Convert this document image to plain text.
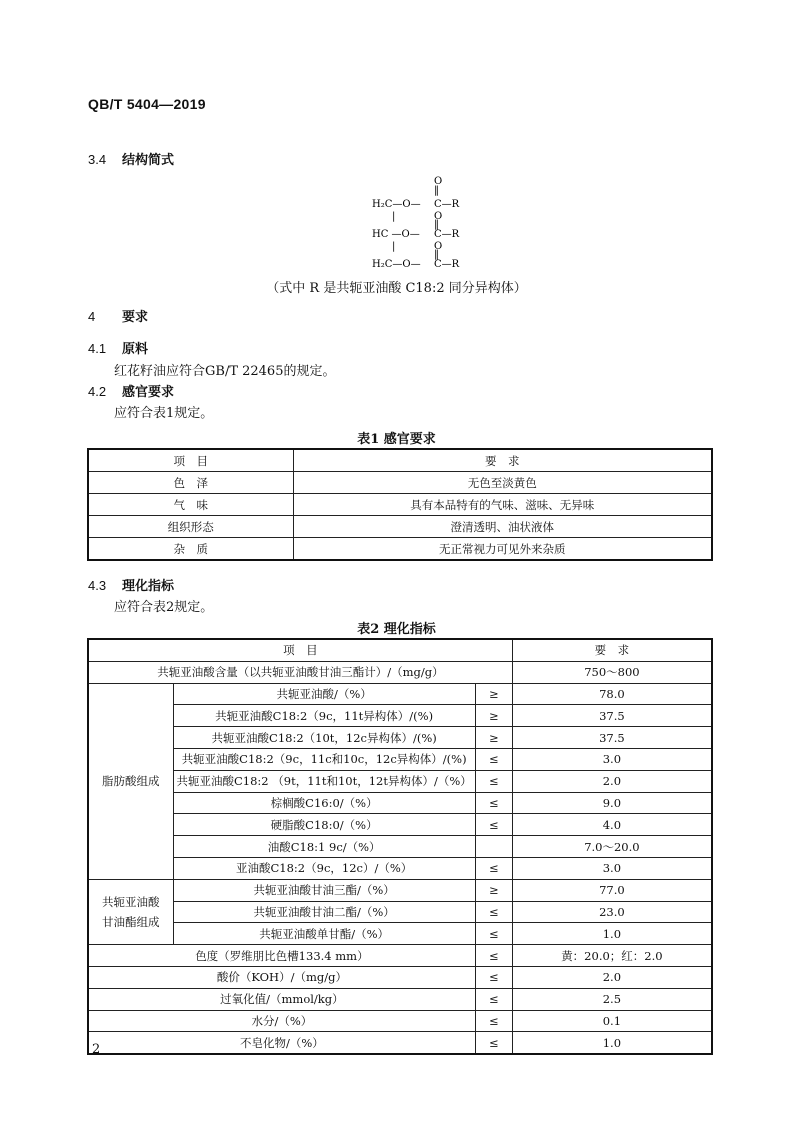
QB/T 5404—2019
3.4 结构简式
O
‖
H₂C—O— C—R
|	O
‖
HC —O— C—R
|	O
‖
H₂C—O— C—R
（式中 R 是共轭亚油酸 C18:2 同分异构体）
4 要求
4.1 原料
红花籽油应符合GB/T 22465的规定。
4.2 感官要求
应符合表1规定。
表1 感官要求
项　目	要　求
色　泽	无色至淡黄色
气　味	具有本品特有的气味、滋味、无异味
组织形态	澄清透明、油状液体
杂　质	无正常视力可见外来杂质
4.3 理化指标
应符合表2规定。
表2 理化指标
项　目			要　求
共轭亚油酸含量（以共轭亚油酸甘油三酯计）/（mg/g）			750～800
脂肪酸组成	共轭亚油酸/（%）	≥	78.0
	共轭亚油酸C18:2（9c，11t异构体）/(%)	≥	37.5
	共轭亚油酸C18:2（10t，12c异构体）/(%)	≥	37.5
	共轭亚油酸C18:2（9c，11c和10c，12c异构体）/(%)	≤	3.0
	共轭亚油酸C18:2 （9t，11t和10t，12t异构体）/（%）	≤	2.0
	棕榈酸C16:0/（%）	≤	9.0
	硬脂酸C18:0/（%）	≤	4.0
	油酸C18:1 9c/（%）		7.0～20.0
	亚油酸C18:2（9c，12c）/（%）	≤	3.0

共轭亚油酸
甘油酯组成	共轭亚油酸甘油三酯/（%）	≥	77.0
	共轭亚油酸甘油二酯/（%）	≤	23.0
	共轭亚油酸单甘酯/（%）	≤	1.0
色度（罗维朋比色槽133.4 mm）		≤	黄：20.0；红：2.0
酸价（KOH）/（mg/g）		≤	2.0
过氧化值/（mmol/kg）		≤	2.5
水分/（%）		≤	0.1
不皂化物/（%）		≤	1.0
2
